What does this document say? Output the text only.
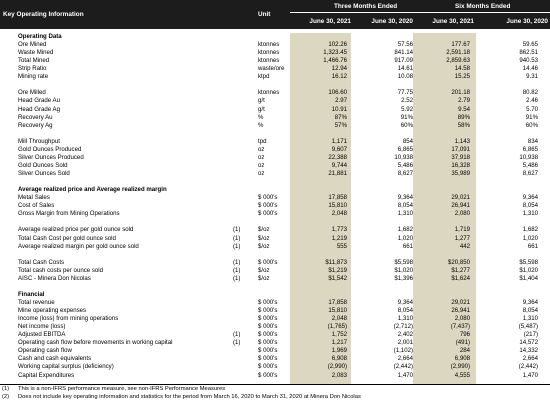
Key Operating Information	Unit
Three Months Ended	Six Months Ended
June 30, 2021	June 30, 2020	June 30, 2021	June 30, 2020
Operating Data
Ore Mined	ktonnes	102.26	57.56	177.67	59.65
Waste Mined	ktonnes	1,323.45	841.14	2,591.18	862.51
Total Mined	ktonnes	1,466.76	917.09	2,859.63	940.53
Strip Ratio	waste/ore	12.94	14.61	14.58	14.46
Mining rate	ktpd	16.12	10.08	15.25	9.31
Ore Milled	ktonnes	106.60	77.75	201.18	80.82
Head Grade Au	g/t	2.97	2.52	2.79	2.46
Head Grade Ag	g/t	10.91	5.92	9.54	5.70
Recovery Au	%	87%	91%	89%	91%
Recovery Ag	%	57%	60%	58%	60%
Mill Throughput	tpd	1,171	854	1,143	834
Gold Ounces Produced	oz	9,607	6,865	17,091	6,865
Silver Ounces Produced	oz	22,388	10,938	37,918	10,938
Gold Ounces Sold	oz	9,744	5,486	16,328	5,486
Silver Ounces Sold	oz	21,881	8,627	35,989	8,627
Average realized price and Average realized margin
Metal Sales	$ 000's	17,858	9,364	29,021	9,364
Cost of Sales	$ 000's	15,810	8,054	26,941	8,054
Gross Margin from Mining Operations	$ 000's	2,048	1,310	2,080	1,310
Average realized price per gold ounce sold	(1)	$/oz	1,773	1,682	1,719	1,682
Total Cash Cost per gold ounce sold	(1)	$/oz	1,219	1,020	1,277	1,020
Average realized margin per gold ounce sold	(1)	$/oz	555	661	442	661
Total Cash Costs	(1)	$ 000's	$11,873	$5,598	$20,850	$5,598
Total cash costs per ounce sold	(1)	$/oz	$1,219	$1,020	$1,277	$1,020
AISC - Minera Don Nicolas	(1)	$/oz	$1,542	$1,396	$1,624	$1,404
Financial
Total revenue	$ 000's	17,858	9,364	29,021	9,364
Mine operating expenses	$ 000's	15,810	8,054	26,941	8,054
Income (loss) from mining operations	$ 000's	2,048	1,310	2,080	1,310
Net income (loss)	$ 000's	(1,765)	(2,712)	(7,437)	(5,487)
Adjusted EBITDA	(1)	$ 000's	1,752	2,402	796	(217)
Operating cash flow before movements in working capital	(1)	$ 000's	1,217	2,001	(491)	14,572
Operating cash flow	$ 000's	1,969	(1,102)	284	14,332
Cash and cash equivalents	$ 000's	6,908	2,664	6,908	2,664
Working capital surplus (deficiency)	$ 000's	(2,990)	(2,442)	(2,990)	(2,442)
Capital Expenditures	$ 000's	2,083	1,470	4,555	1,470
(1) This is a non-IFRS performance measure, see non-IFRS Performance Measures
(2) Does not include key operating information and statistics for the period from March 16, 2020 to March 31, 2020 at Minera Don Nicolas
